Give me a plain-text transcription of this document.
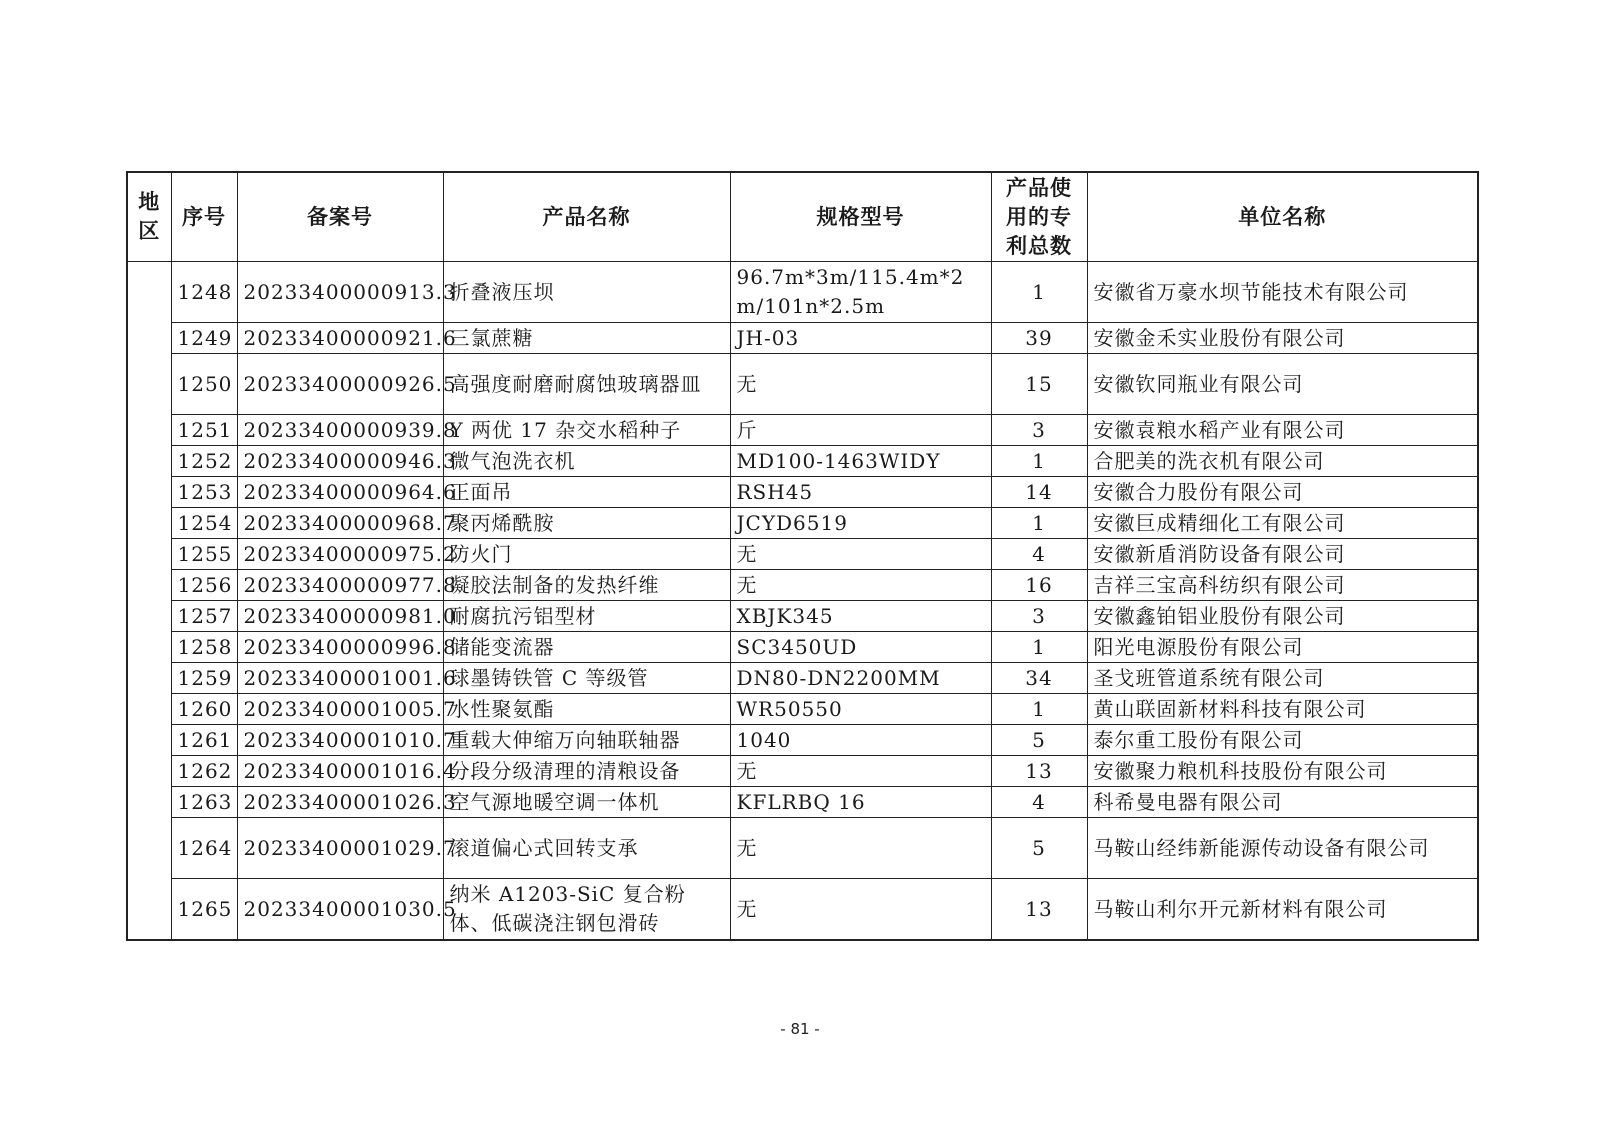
地区	序号	备案号	产品名称	规格型号	产品使用的专利总数	单位名称
	1248	20233400000913.3	折叠液压坝	96.7m*3m/115.4m*2m/101n*2.5m	1	安徽省万豪水坝节能技术有限公司
	1249	20233400000921.6	三氯蔗糖	JH-03	39	安徽金禾实业股份有限公司
	1250	20233400000926.5	高强度耐磨耐腐蚀玻璃器皿	无	15	安徽钦同瓶业有限公司
	1251	20233400000939.8	Y 两优 17 杂交水稻种子	斤	3	安徽袁粮水稻产业有限公司
	1252	20233400000946.3	微气泡洗衣机	MD100-1463WIDY	1	合肥美的洗衣机有限公司
	1253	20233400000964.6	正面吊	RSH45	14	安徽合力股份有限公司
	1254	20233400000968.7	聚丙烯酰胺	JCYD6519	1	安徽巨成精细化工有限公司
	1255	20233400000975.2	防火门	无	4	安徽新盾消防设备有限公司
	1256	20233400000977.8	凝胶法制备的发热纤维	无	16	吉祥三宝高科纺织有限公司
	1257	20233400000981.0	耐腐抗污铝型材	XBJK345	3	安徽鑫铂铝业股份有限公司
	1258	20233400000996.8	储能变流器	SC3450UD	1	阳光电源股份有限公司
	1259	20233400001001.6	球墨铸铁管 C 等级管	DN80-DN2200MM	34	圣戈班管道系统有限公司
	1260	20233400001005.7	水性聚氨酯	WR50550	1	黄山联固新材料科技有限公司
	1261	20233400001010.7	重载大伸缩万向轴联轴器	1040	5	泰尔重工股份有限公司
	1262	20233400001016.4	分段分级清理的清粮设备	无	13	安徽聚力粮机科技股份有限公司
	1263	20233400001026.3	空气源地暖空调一体机	KFLRBQ 16	4	科希曼电器有限公司
	1264	20233400001029.7	滚道偏心式回转支承	无	5	马鞍山经纬新能源传动设备有限公司
	1265	20233400001030.5	纳米 A1203-SiC 复合粉体、低碳浇注钢包滑砖	无	13	马鞍山利尔开元新材料有限公司
- 81 -
